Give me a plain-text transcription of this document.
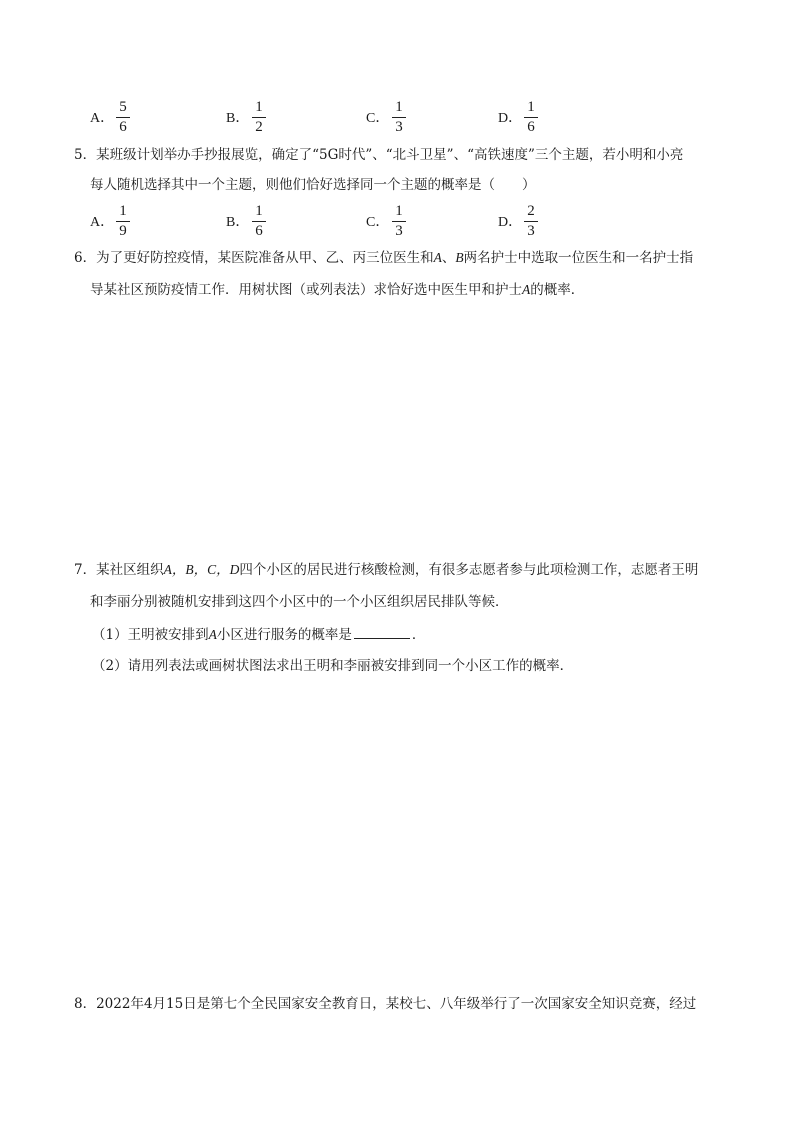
A． $\frac{5}{6}$	B． $\frac{1}{2}$	C． $\frac{1}{3}$	D． $\frac{1}{6}$
5．某班级计划举办手抄报展览，确定了“5G时代”、“北斗卫星”、“高铁速度”三个主题，若小明和小亮
每人随机选择其中一个主题，则他们恰好选择同一个主题的概率是（　　）
A． $\frac{1}{9}$	B． $\frac{1}{6}$	C． $\frac{1}{3}$	D． $\frac{2}{3}$
6．为了更好防控疫情，某医院准备从甲、乙、丙三位医生和A、B两名护士中选取一位医生和一名护士指
导某社区预防疫情工作．用树状图（或列表法）求恰好选中医生甲和护士A的概率．
7．某社区组织A，B，C，D四个小区的居民进行核酸检测，有很多志愿者参与此项检测工作，志愿者王明
和李丽分别被随机安排到这四个小区中的一个小区组织居民排队等候．
（1）王明被安排到A小区进行服务的概率是	．
（2）请用列表法或画树状图法求出王明和李丽被安排到同一个小区工作的概率．
8．2022年4月15日是第七个全民国家安全教育日，某校七、八年级举行了一次国家安全知识竞赛，经过
